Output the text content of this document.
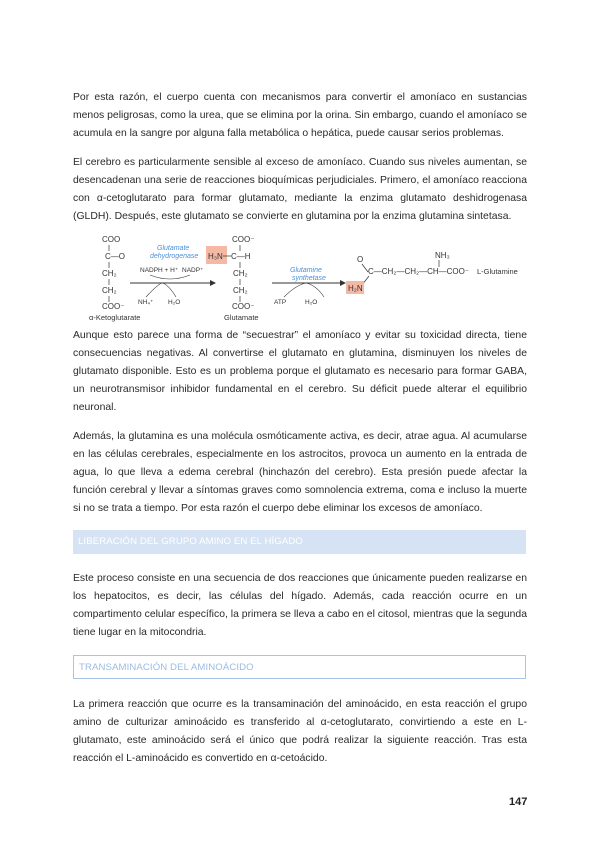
Por esta razón, el cuerpo cuenta con mecanismos para convertir el amoníaco en sustancias menos peligrosas, como la urea, que se elimina por la orina. Sin embargo, cuando el amoníaco se acumula en la sangre por alguna falla metabólica o hepática, puede causar serios problemas.

El cerebro es particularmente sensible al exceso de amoníaco. Cuando sus niveles aumentan, se desencadenan una serie de reacciones bioquímicas perjudiciales. Primero, el amoníaco reacciona con α-cetoglutarato para formar glutamato, mediante la enzima glutamato deshidrogenasa (GLDH). Después, este glutamato se convierte en glutamina por la enzima glutamina sintetasa.

COO
C—O
CH₂
CH₂
COO⁻
α-Ketoglutarate
Glutamate
dehydrogenase
NADPH + H⁺ NADP⁺
NH₄⁺ H₂O
COO⁻
H₃N C—H
CH₂
CH₂
COO⁻
Glutamate
Glutamine
synthetase
ATP	H₂O
O
C—CH₂—CH₂—CH—COO⁻
NH₃
H₂N
L-Glutamine

Aunque esto parece una forma de “secuestrar” el amoníaco y evitar su toxicidad directa, tiene consecuencias negativas. Al convertirse el glutamato en glutamina, disminuyen los niveles de glutamato disponible. Esto es un problema porque el glutamato es necesario para formar GABA, un neurotransmisor inhibidor fundamental en el cerebro. Su déficit puede alterar el equilibrio neuronal.

Además, la glutamina es una molécula osmóticamente activa, es decir, atrae agua. Al acumularse en las células cerebrales, especialmente en los astrocitos, provoca un aumento en la entrada de agua, lo que lleva a edema cerebral (hinchazón del cerebro). Esta presión puede afectar la función cerebral y llevar a síntomas graves como somnolencia extrema, coma e incluso la muerte si no se trata a tiempo. Por esta razón el cuerpo debe eliminar los excesos de amoníaco.

LIBERACIÓN DEL GRUPO AMINO EN EL HÍGADO

Este proceso consiste en una secuencia de dos reacciones que únicamente pueden realizarse en los hepatocitos, es decir, las células del hígado. Además, cada reacción ocurre en un compartimento celular específico, la primera se lleva a cabo en el citosol, mientras que la segunda tiene lugar en la mitocondria.

TRANSAMINACIÓN DEL AMINOÁCIDO

La primera reacción que ocurre es la transaminación del aminoácido, en esta reacción el grupo amino de culturizar aminoácido es transferido al α-cetoglutarato, convirtiendo a este en L-glutamato, este aminoácido será el único que podrá realizar la siguiente reacción. Tras esta reacción el L-aminoácido es convertido en α-cetoácido.

147
